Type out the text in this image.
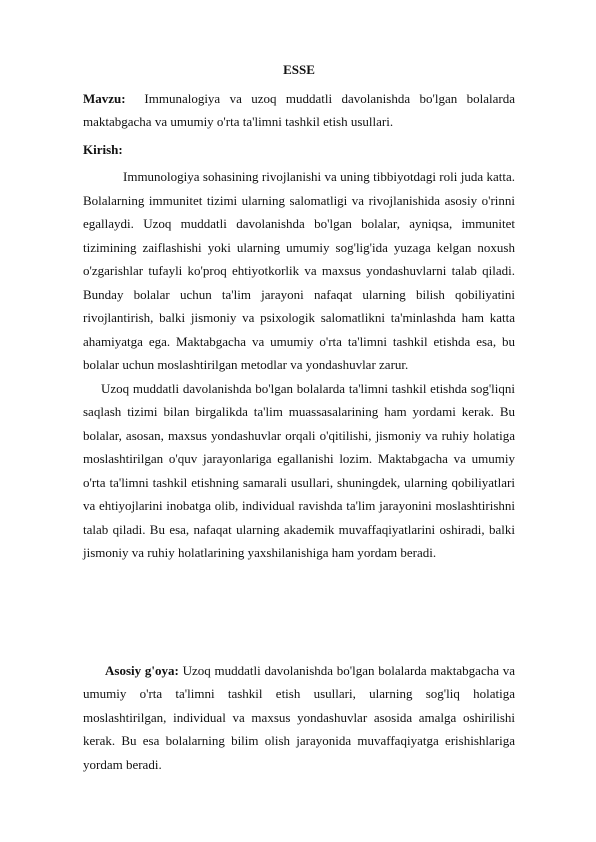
ESSE

Mavzu: Immunalogiya va uzoq muddatli davolanishda bo'lgan bolalarda maktabgacha va umumiy o'rta ta'limni tashkil etish usullari.

Kirish:

Immunologiya sohasining rivojlanishi va uning tibbiyotdagi roli juda katta. Bolalarning immunitet tizimi ularning salomatligi va rivojlanishida asosiy o'rinni egallaydi. Uzoq muddatli davolanishda bo'lgan bolalar, ayniqsa, immunitet tizimining zaiflashishi yoki ularning umumiy sog'lig'ida yuzaga kelgan noxush o'zgarishlar tufayli ko'proq ehtiyotkorlik va maxsus yondashuvlarni talab qiladi. Bunday bolalar uchun ta'lim jarayoni nafaqat ularning bilish qobiliyatini rivojlantirish, balki jismoniy va psixologik salomatlikni ta'minlashda ham katta ahamiyatga ega. Maktabgacha va umumiy o'rta ta'limni tashkil etishda esa, bu bolalar uchun moslashtirilgan metodlar va yondashuvlar zarur.

Uzoq muddatli davolanishda bo'lgan bolalarda ta'limni tashkil etishda sog'liqni saqlash tizimi bilan birgalikda ta'lim muassasalarining ham yordami kerak. Bu bolalar, asosan, maxsus yondashuvlar orqali o'qitilishi, jismoniy va ruhiy holatiga moslashtirilgan o'quv jarayonlariga egallanishi lozim. Maktabgacha va umumiy o'rta ta'limni tashkil etishning samarali usullari, shuningdek, ularning qobiliyatlari va ehtiyojlarini inobatga olib, individual ravishda ta'lim jarayonini moslashtirishni talab qiladi. Bu esa, nafaqat ularning akademik muvaffaqiyatlarini oshiradi, balki jismoniy va ruhiy holatlarining yaxshilanishiga ham yordam beradi.

Asosiy g'oya: Uzoq muddatli davolanishda bo'lgan bolalarda maktabgacha va umumiy o'rta ta'limni tashkil etish usullari, ularning sog'liq holatiga moslashtirilgan, individual va maxsus yondashuvlar asosida amalga oshirilishi kerak. Bu esa bolalarning bilim olish jarayonida muvaffaqiyatga erishishlariga yordam beradi.
